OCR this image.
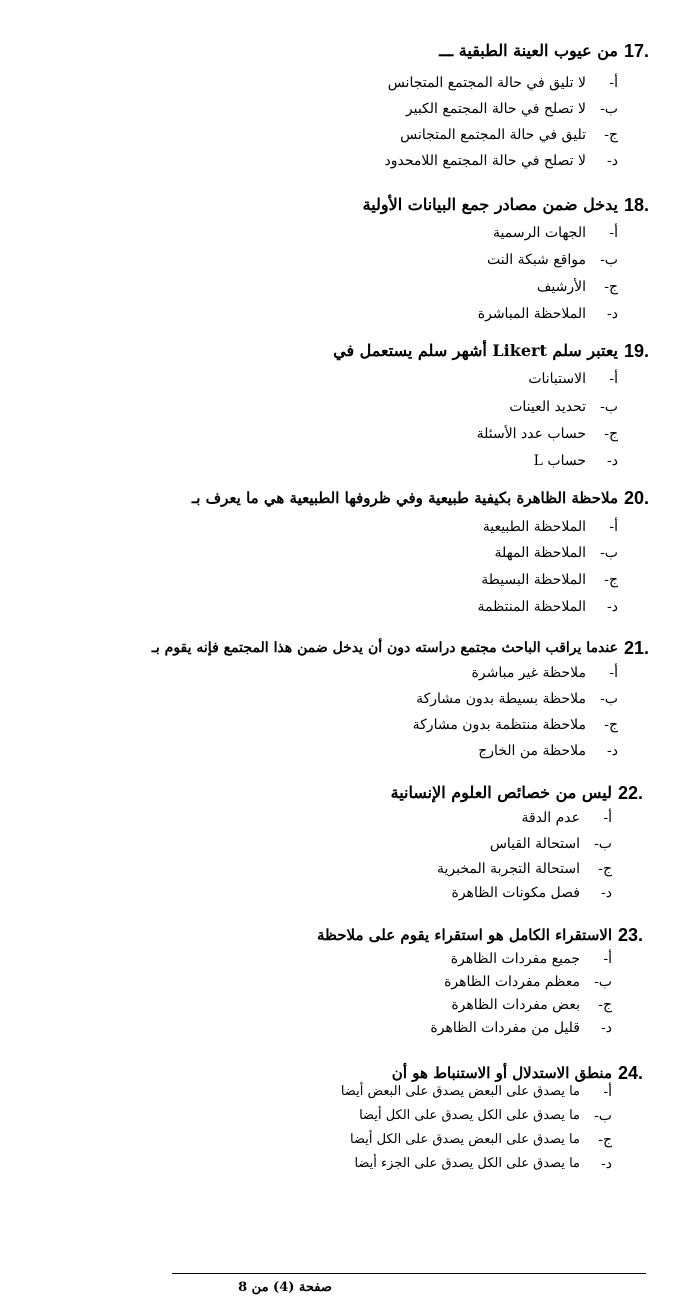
من عيوب العينة الطبقية ـــ 17.
أ-
لا تليق في حالة المجتمع المتجانس
ب-
لا تصلح في حالة المجتمع الكبير
ج-
تليق في حالة المجتمع المتجانس
د-
لا تصلح في حالة المجتمع اللامحدود
يدخل ضمن مصادر جمع البيانات الأولية 18.
أ-
الجهات الرسمية
ب-
مواقع شبكة النت
ج-
الأرشيف
د-
الملاحظة المباشرة
يعتبر سلم Likert أشهر سلم يستعمل في 19.
أ-
الاستبانات
ب-
تحديد العينات
ج-
حساب عدد الأسئلة
د-
حساب L
ملاحظة الظاهرة بكيفية طبيعية وفي ظروفها الطبيعية هي ما يعرف بـ 20.
أ-
الملاحظة الطبيعية
ب-
الملاحظة المهلة
ج-
الملاحظة البسيطة
د-
الملاحظة المنتظمة
عندما يراقب الباحث مجتمع دراسته دون أن يدخل ضمن هذا المجتمع فإنه يقوم بـ 21.
أ-
ملاحظة غير مباشرة
ب-
ملاحظة بسيطة بدون مشاركة
ج-
ملاحظة منتظمة بدون مشاركة
د-
ملاحظة من الخارج
ليس من خصائص العلوم الإنسانية 22.
أ-
عدم الدقة
ب-
استحالة القياس
ج-
استحالة التجربة المخبرية
د-
فصل مكونات الظاهرة
الاستقراء الكامل هو استقراء يقوم على ملاحظة 23.
أ-
جميع مفردات الظاهرة
ب-
معظم مفردات الظاهرة
ج-
بعض مفردات الظاهرة
د-
قليل من مفردات الظاهرة
منطق الاستدلال أو الاستنباط هو أن 24.
أ-
ما يصدق على البعض يصدق على البعض أيضا
ب-
ما يصدق على الكل يصدق على الكل أيضا
ج-
ما يصدق على البعض يصدق على الكل أيضا
د-
ما يصدق على الكل يصدق على الجزء أيضا
صفحة (4) من 8
